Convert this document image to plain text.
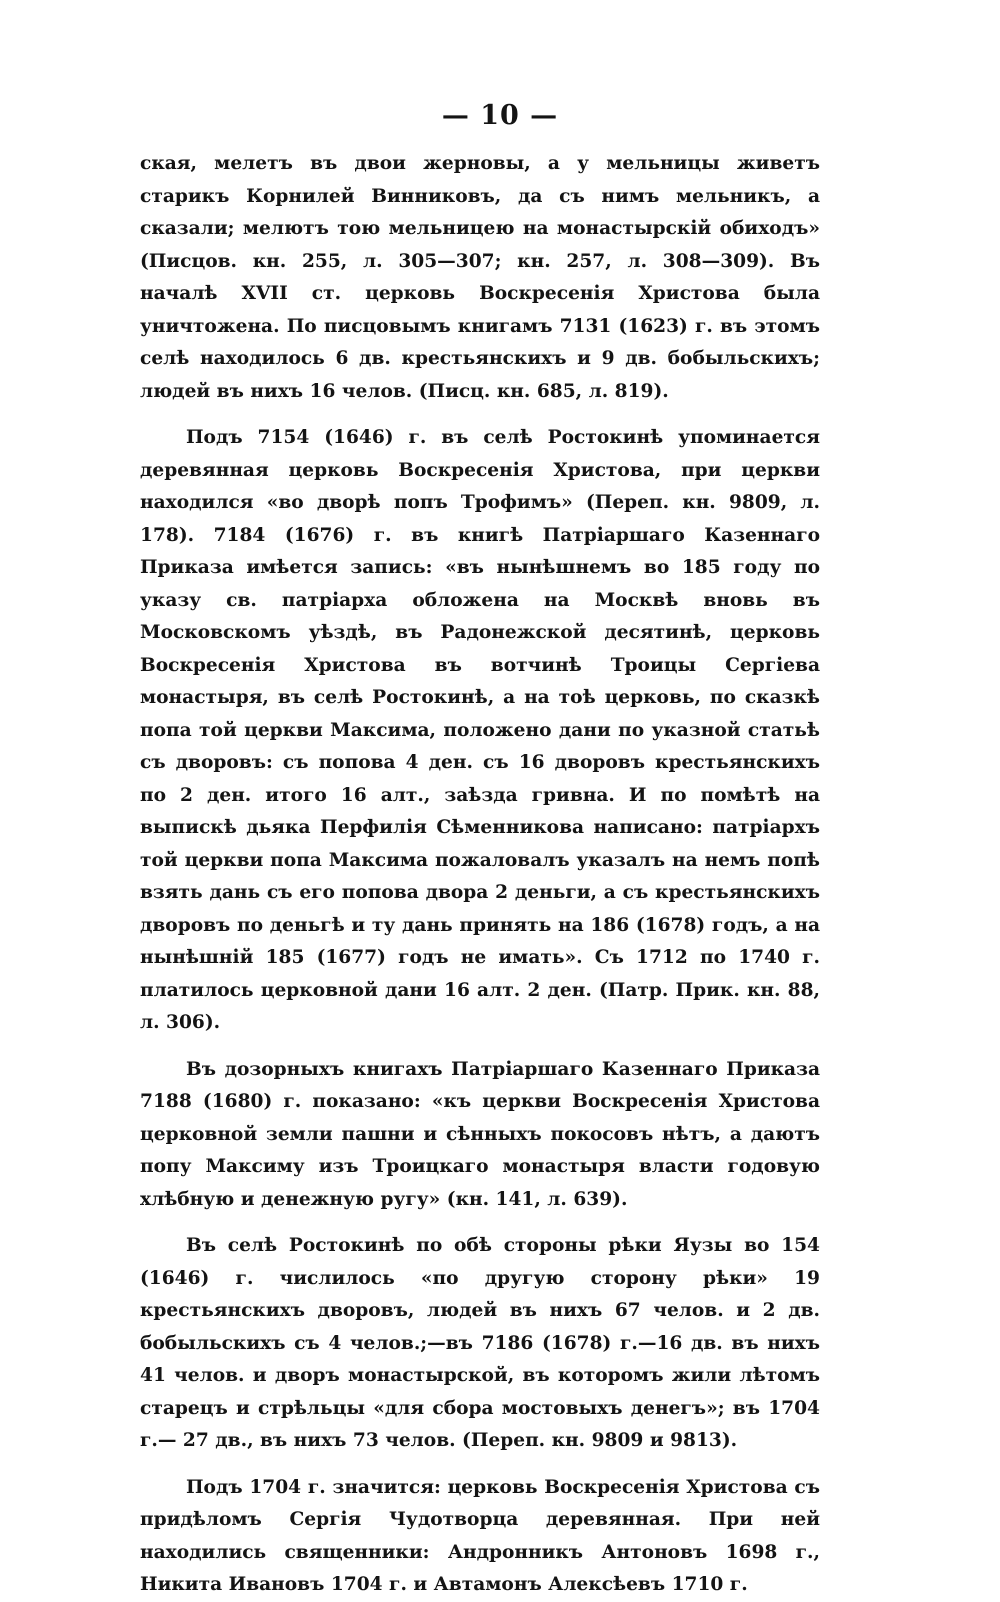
— 10 —

ская, мелетъ въ двои жерновы, а у мельницы живетъ старикъ Корнилей Винниковъ, да съ нимъ мельникъ, а сказали; мелютъ тою мельницею на монастырскій обиходъ» (Писцов. кн. 255, л. 305—307; кн. 257, л. 308—309). Въ началѣ XVII ст. церковь Воскресенія Христова была уничтожена. По писцовымъ книгамъ 7131 (1623) г. въ этомъ селѣ находилось 6 дв. крестьянскихъ и 9 дв. бобыльскихъ; людей въ нихъ 16 челов. (Писц. кн. 685, л. 819).

Подъ 7154 (1646) г. въ селѣ Ростокинѣ упоминается деревянная церковь Воскресенія Христова, при церкви находился «во дворѣ попъ Трофимъ» (Переп. кн. 9809, л. 178). 7184 (1676) г. въ книгѣ Патріаршаго Казеннаго Приказа имѣется запись: «въ нынѣшнемъ во 185 году по указу св. патріарха обложена на Москвѣ вновь въ Московскомъ уѣздѣ, въ Радонежской десятинѣ, церковь Воскресенія Христова въ вотчинѣ Троицы Сергіева монастыря, въ селѣ Ростокинѣ, а на тоѣ церковь, по сказкѣ попа той церкви Максима, положено дани по указной статьѣ съ дворовъ: съ попова 4 ден. съ 16 дворовъ крестьянскихъ по 2 ден. итого 16 алт., заѣзда гривна. И по помѣтѣ на выпискѣ дьяка Перфилія Сѣменникова написано: патріархъ той церкви попа Максима пожаловалъ указалъ на немъ попѣ взять дань съ его попова двора 2 деньги, а съ крестьянскихъ дворовъ по деньгѣ и ту дань принять на 186 (1678) годъ, а на нынѣшній 185 (1677) годъ не имать». Съ 1712 по 1740 г. платилось церковной дани 16 алт. 2 ден. (Патр. Прик. кн. 88, л. 306).

Въ дозорныхъ книгахъ Патріаршаго Казеннаго Приказа 7188 (1680) г. показано: «къ церкви Воскресенія Христова церковной земли пашни и сѣнныхъ покосовъ нѣтъ, а даютъ попу Максиму изъ Троицкаго монастыря власти годовую хлѣбную и денежную ругу» (кн. 141, л. 639).

Въ селѣ Ростокинѣ по обѣ стороны рѣки Яузы во 154 (1646) г. числилось «по другую сторону рѣки» 19 крестьянскихъ дворовъ, людей въ нихъ 67 челов. и 2 дв. бобыльскихъ съ 4 челов.;—въ 7186 (1678) г.—16 дв. въ нихъ 41 челов. и дворъ монастырской, въ которомъ жили лѣтомъ старецъ и стрѣльцы «для сбора мостовыхъ денегъ»; въ 1704 г.— 27 дв., въ нихъ 73 челов. (Переп. кн. 9809 и 9813).

Подъ 1704 г. значится: церковь Воскресенія Христова съ придѣломъ Сергія Чудотворца деревянная. При ней находились священники: Андронникъ Антоновъ 1698 г., Никита Ивановъ 1704 г. и Автамонъ Алексѣевъ 1710 г.
